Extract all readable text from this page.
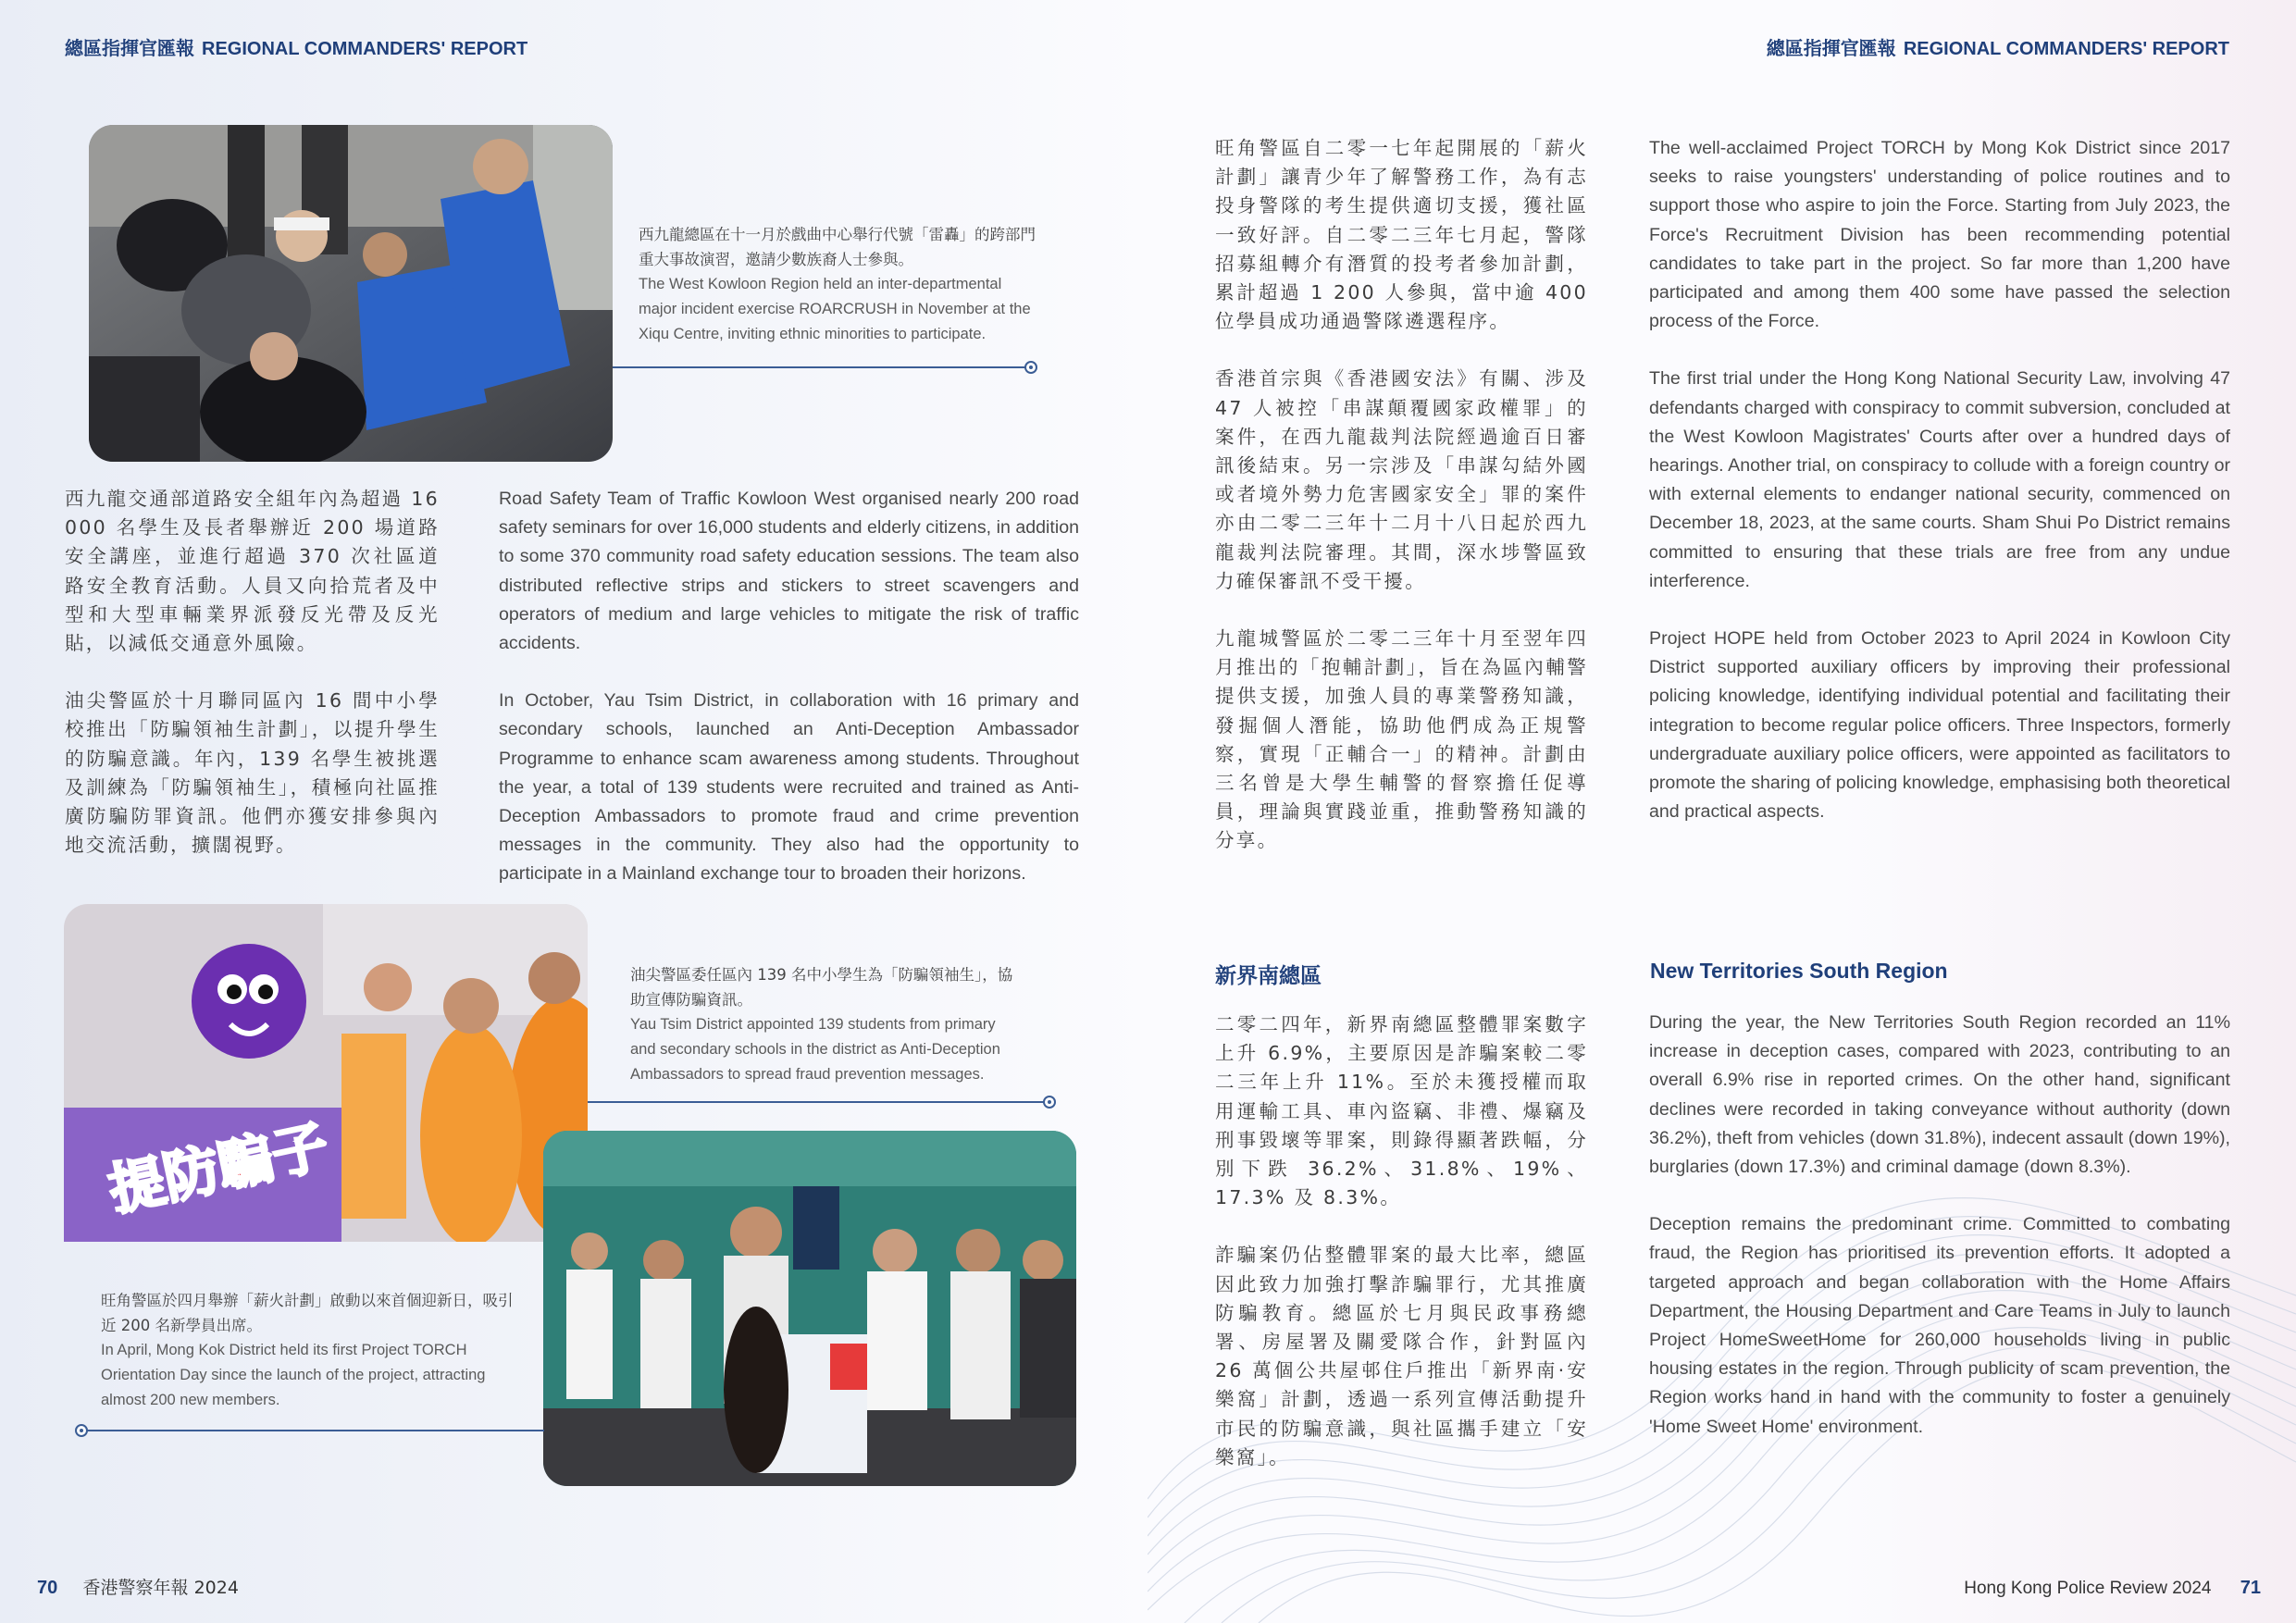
總區指揮官匯報 REGIONAL COMMANDERS' REPORT	總區指揮官匯報 REGIONAL COMMANDERS' REPORT
西九龍總區在十一月於戲曲中心舉行代號「雷轟」的跨部門重大事故演習，邀請少數族裔人士參與。
The West Kowloon Region held an inter-departmental major incident exercise ROARCRUSH in November at the Xiqu Centre, inviting ethnic minorities to participate.

西九龍交通部道路安全組年內為超過 16 000 名學生及長者舉辦近 200 場道路安全講座，並進行超過 370 次社區道路安全教育活動。人員又向拾荒者及中型和大型車輛業界派發反光帶及反光貼，以減低交通意外風險。

油尖警區於十月聯同區內 16 間中小學校推出「防騙領袖生計劃」，以提升學生的防騙意識。年內，139 名學生被挑選及訓練為「防騙領袖生」，積極向社區推廣防騙防罪資訊。他們亦獲安排參與內地交流活動，擴闊視野。

Road Safety Team of Traffic Kowloon West organised nearly 200 road safety seminars for over 16,000 students and elderly citizens, in addition to some 370 community road safety education sessions. The team also distributed reflective strips and stickers to street scavengers and operators of medium and large vehicles to mitigate the risk of traffic accidents.

In October, Yau Tsim District, in collaboration with 16 primary and secondary schools, launched an Anti-Deception Ambassador Programme to enhance scam awareness among students. Throughout the year, a total of 139 students were recruited and trained as Anti-Deception Ambassadors to promote fraud and crime prevention messages in the community. They also had the opportunity to participate in a Mainland exchange tour to broaden their horizons.

提防騙子
油尖警區委任區內 139 名中小學生為「防騙領袖生」，協助宣傳防騙資訊。
Yau Tsim District appointed 139 students from primary and secondary schools in the district as Anti-Deception Ambassadors to spread fraud prevention messages.
旺角警區於四月舉辦「薪火計劃」啟動以來首個迎新日，吸引近 200 名新學員出席。
In April, Mong Kok District held its first Project TORCH Orientation Day since the launch of the project, attracting almost 200 new members.

旺角警區自二零一七年起開展的「薪火計劃」讓青少年了解警務工作，為有志投身警隊的考生提供適切支援，獲社區一致好評。自二零二三年七月起，警隊招募組轉介有潛質的投考者參加計劃，累計超過 1 200 人參與，當中逾 400 位學員成功通過警隊遴選程序。

香港首宗與《香港國安法》有關、涉及 47 人被控「串謀顛覆國家政權罪」的案件，在西九龍裁判法院經過逾百日審訊後結束。另一宗涉及「串謀勾結外國或者境外勢力危害國家安全」罪的案件亦由二零二三年十二月十八日起於西九龍裁判法院審理。其間，深水埗警區致力確保審訊不受干擾。

九龍城警區於二零二三年十月至翌年四月推出的「抱輔計劃」，旨在為區內輔警提供支援，加強人員的專業警務知識，發掘個人潛能，協助他們成為正規警察，實現「正輔合一」的精神。計劃由三名曾是大學生輔警的督察擔任促導員，理論與實踐並重，推動警務知識的分享。

The well-acclaimed Project TORCH by Mong Kok District since 2017 seeks to raise youngsters' understanding of police routines and to support those who aspire to join the Force. Starting from July 2023, the Force's Recruitment Division has been recommending potential candidates to take part in the project. So far more than 1,200 have participated and among them 400 some have passed the selection process of the Force.

The first trial under the Hong Kong National Security Law, involving 47 defendants charged with conspiracy to commit subversion, concluded at the West Kowloon Magistrates' Courts after over a hundred days of hearings. Another trial, on conspiracy to collude with a foreign country or with external elements to endanger national security, commenced on December 18, 2023, at the same courts. Sham Shui Po District remains committed to ensuring that these trials are free from any undue interference.

Project HOPE held from October 2023 to April 2024 in Kowloon City District supported auxiliary officers by improving their professional policing knowledge, identifying individual potential and facilitating their integration to become regular police officers. Three Inspectors, formerly undergraduate auxiliary police officers, were appointed as facilitators to promote the sharing of policing knowledge, emphasising both theoretical and practical aspects.

新界南總區	New Territories South Region

二零二四年，新界南總區整體罪案數字上升 6.9%，主要原因是詐騙案較二零二三年上升 11%。至於未獲授權而取用運輸工具、車內盜竊、非禮、爆竊及刑事毀壞等罪案，則錄得顯著跌幅，分別下跌 36.2%、31.8%、19%、17.3% 及 8.3%。

詐騙案仍佔整體罪案的最大比率，總區因此致力加強打擊詐騙罪行，尤其推廣防騙教育。總區於七月與民政事務總署、房屋署及關愛隊合作，針對區內 26 萬個公共屋邨住戶推出「新界南‧安樂窩」計劃，透過一系列宣傳活動提升市民的防騙意識，與社區攜手建立「安樂窩」。

During the year, the New Territories South Region recorded an 11% increase in deception cases, compared with 2023, contributing to an overall 6.9% rise in reported crimes. On the other hand, significant declines were recorded in taking conveyance without authority (down 36.2%), theft from vehicles (down 31.8%), indecent assault (down 19%), burglaries (down 17.3%) and criminal damage (down 8.3%).

Deception remains the predominant crime. Committed to combating fraud, the Region has prioritised its prevention efforts. It adopted a targeted approach and began collaboration with the Home Affairs Department, the Housing Department and Care Teams in July to launch Project HomeSweetHome for 260,000 households living in public housing estates in the region. Through publicity of scam prevention, the Region works hand in hand with the community to foster a genuinely 'Home Sweet Home' environment.

70 香港警察年報 2024	Hong Kong Police Review 2024 71
